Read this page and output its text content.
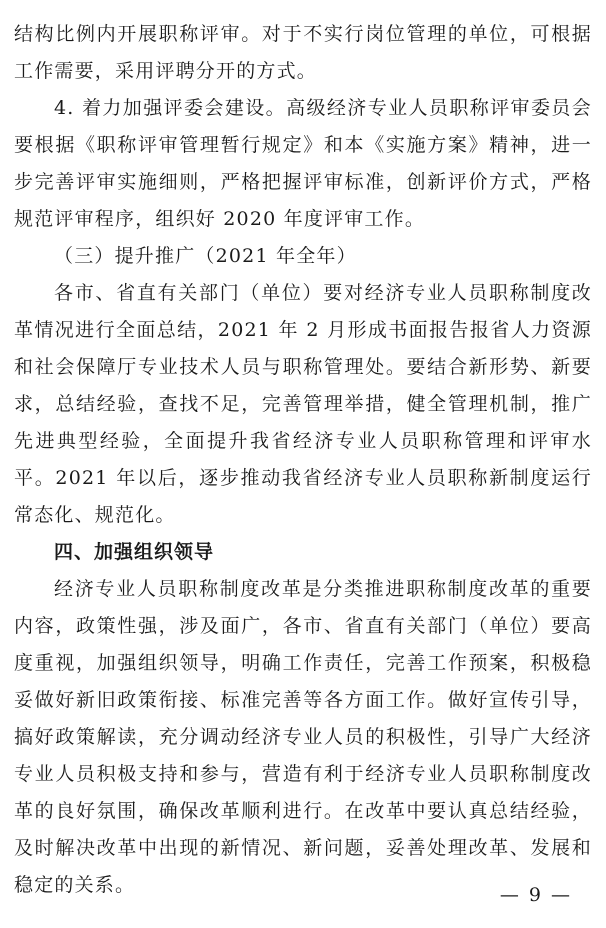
结构比例内开展职称评审。对于不实行岗位管理的单位，可根据工作需要，采用评聘分开的方式。

4. 着力加强评委会建设。高级经济专业人员职称评审委员会要根据《职称评审管理暂行规定》和本《实施方案》精神，进一步完善评审实施细则，严格把握评审标准，创新评价方式，严格规范评审程序，组织好 2020 年度评审工作。

（三）提升推广（2021 年全年）

各市、省直有关部门（单位）要对经济专业人员职称制度改革情况进行全面总结，2021 年 2 月形成书面报告报省人力资源和社会保障厅专业技术人员与职称管理处。要结合新形势、新要求，总结经验，查找不足，完善管理举措，健全管理机制，推广先进典型经验，全面提升我省经济专业人员职称管理和评审水平。2021 年以后，逐步推动我省经济专业人员职称新制度运行常态化、规范化。

四、加强组织领导

经济专业人员职称制度改革是分类推进职称制度改革的重要内容，政策性强，涉及面广，各市、省直有关部门（单位）要高度重视，加强组织领导，明确工作责任，完善工作预案，积极稳妥做好新旧政策衔接、标准完善等各方面工作。做好宣传引导，搞好政策解读，充分调动经济专业人员的积极性，引导广大经济专业人员积极支持和参与，营造有利于经济专业人员职称制度改革的良好氛围，确保改革顺利进行。在改革中要认真总结经验，及时解决改革中出现的新情况、新问题，妥善处理改革、发展和稳定的关系。	— 9 —
